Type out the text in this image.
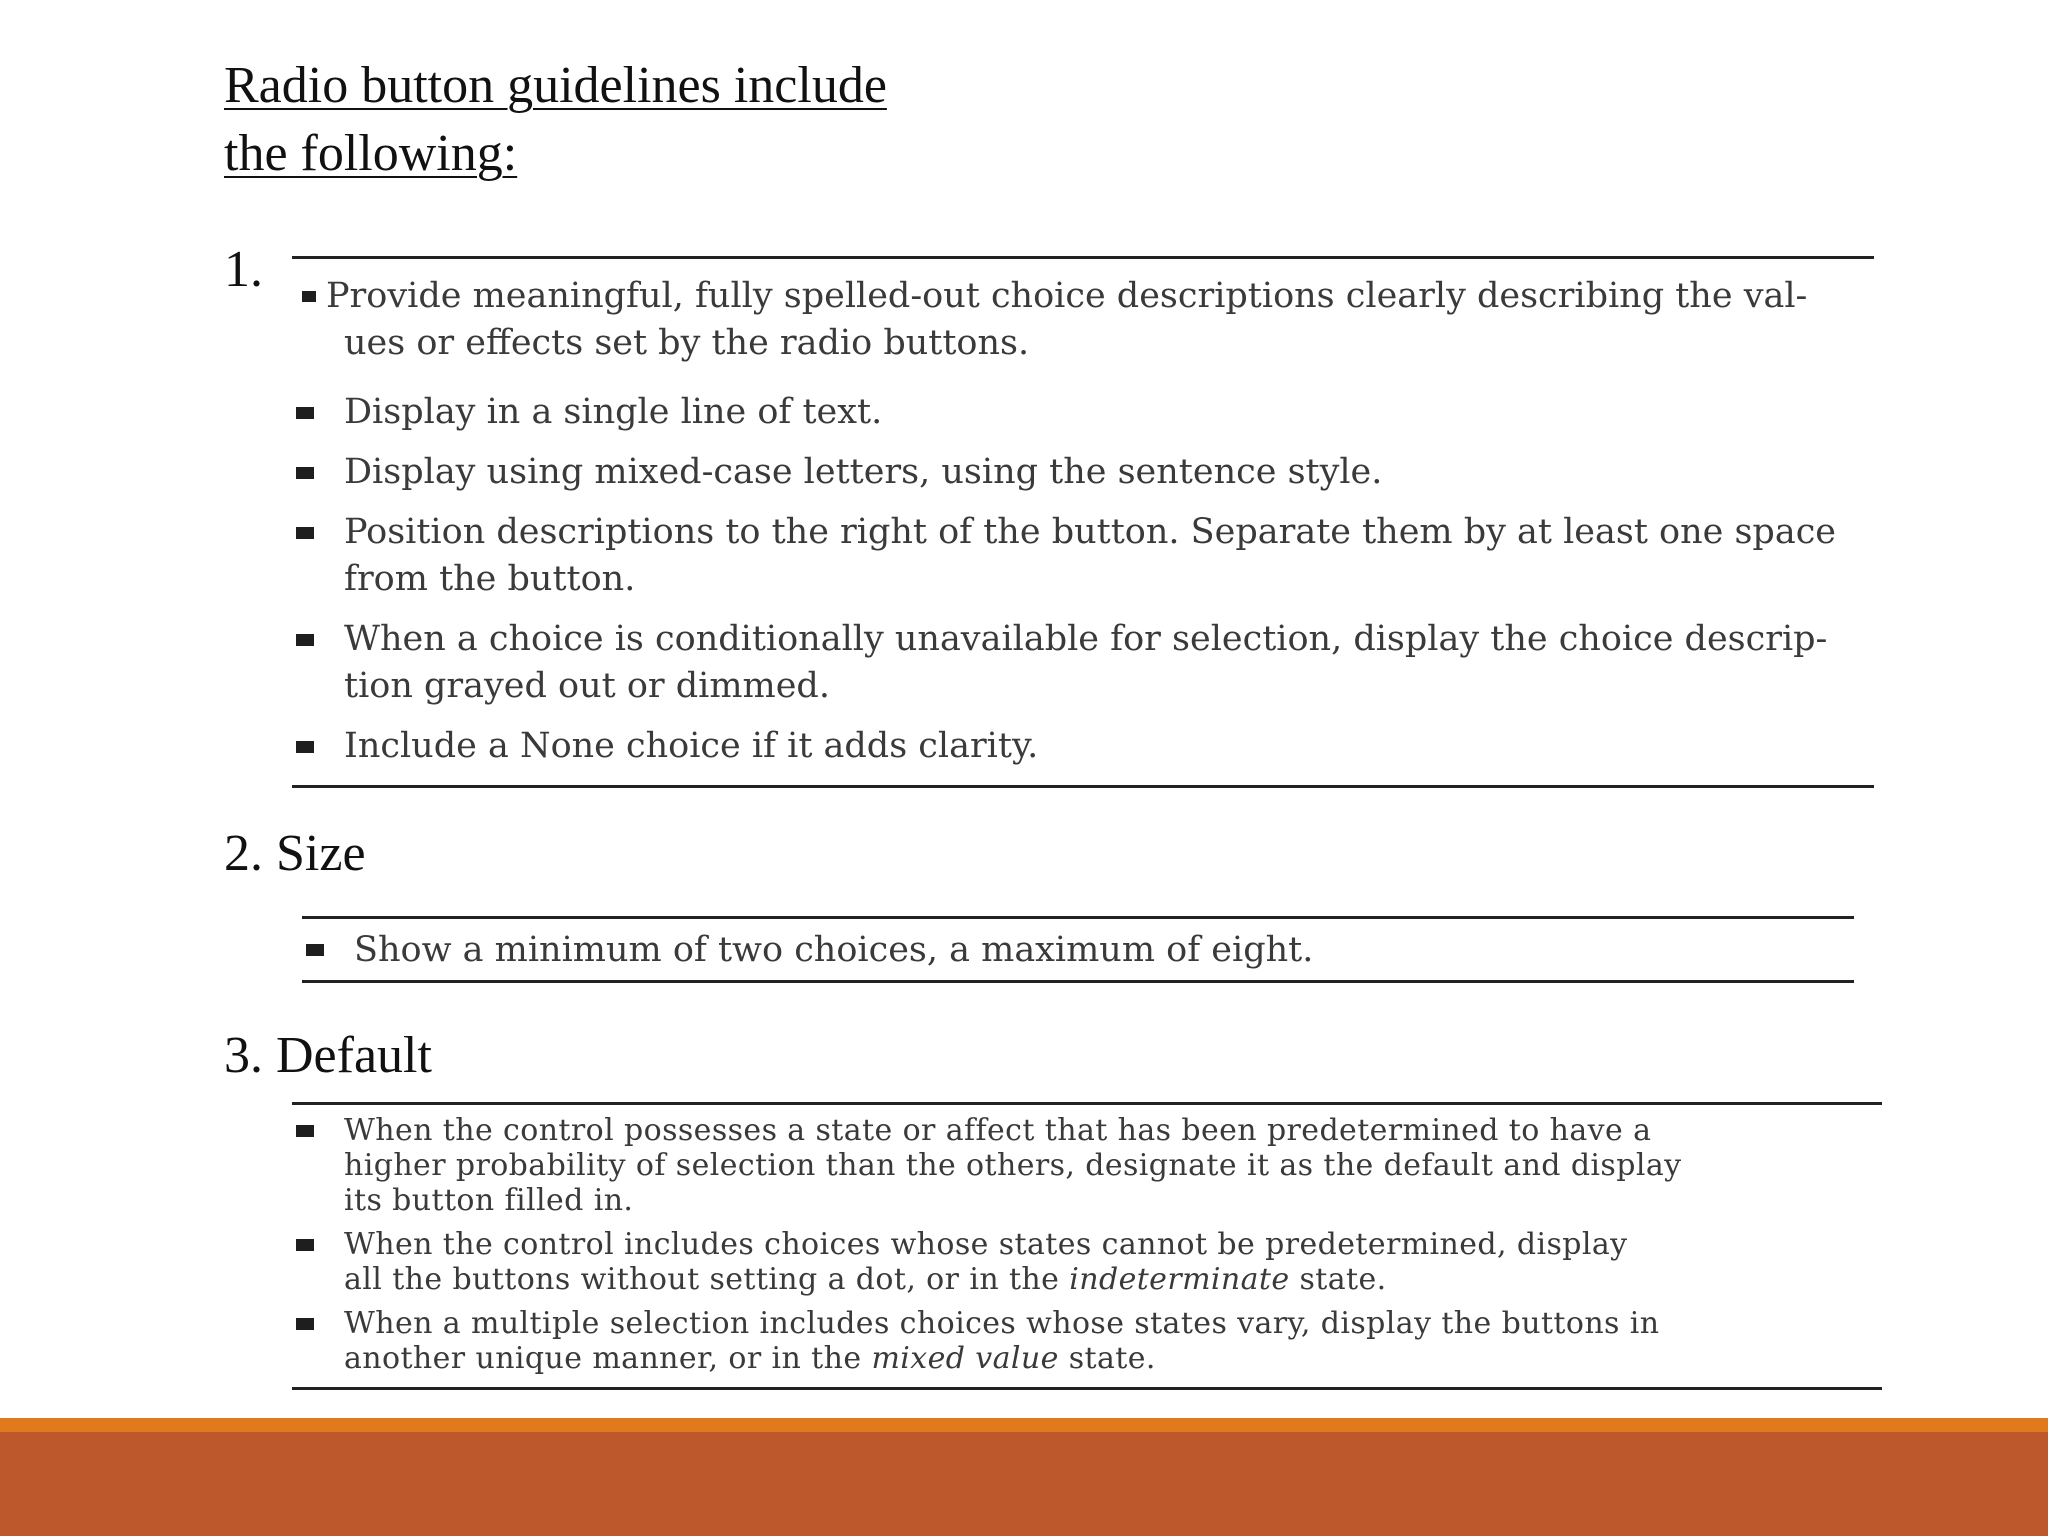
Radio button guidelines include
the following:
1.	Provide meaningful, fully spelled-out choice descriptions clearly describing the val-
ues or effects set by the radio buttons.
Display in a single line of text.
Display using mixed-case letters, using the sentence style.
Position descriptions to the right of the button. Separate them by at least one space
from the button.
When a choice is conditionally unavailable for selection, display the choice descrip-
tion grayed out or dimmed.
Include a None choice if it adds clarity.
2. Size
Show a minimum of two choices, a maximum of eight.
3. Default
When the control possesses a state or affect that has been predetermined to have a
higher probability of selection than the others, designate it as the default and display
its button filled in.
When the control includes choices whose states cannot be predetermined, display
all the buttons without setting a dot, or in the indeterminate state.
When a multiple selection includes choices whose states vary, display the buttons in
another unique manner, or in the mixed value state.
